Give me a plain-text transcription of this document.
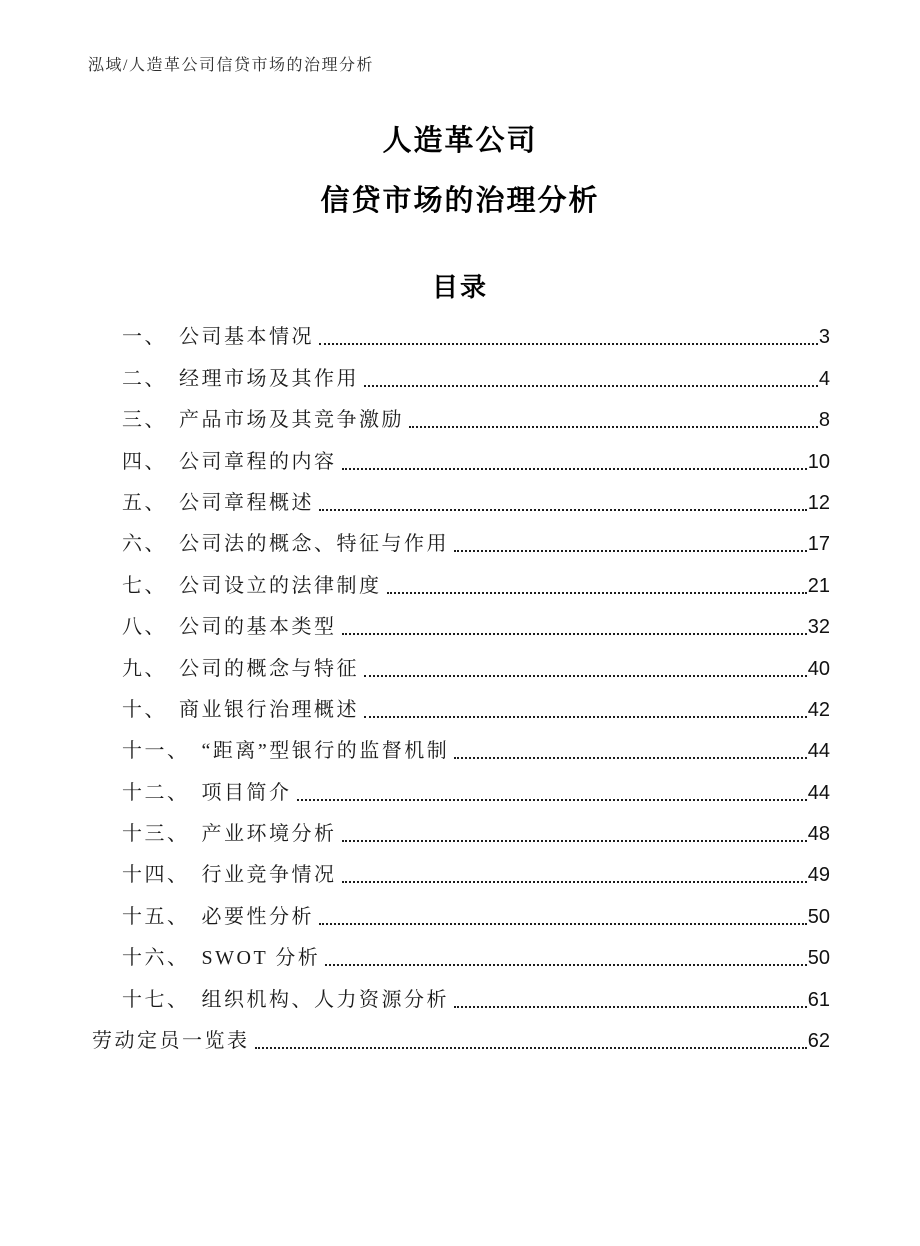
泓域/人造革公司信贷市场的治理分析
人造革公司
信贷市场的治理分析
目录
一、 公司基本情况	3
二、 经理市场及其作用	4
三、 产品市场及其竞争激励	8
四、 公司章程的内容	10
五、 公司章程概述	12
六、 公司法的概念、特征与作用	17
七、 公司设立的法律制度	21
八、 公司的基本类型	32
九、 公司的概念与特征	40
十、 商业银行治理概述	42
十一、 “距离”型银行的监督机制	44
十二、 项目简介	44
十三、 产业环境分析	48
十四、 行业竞争情况	49
十五、 必要性分析	50
十六、 SWOT 分析	50
十七、 组织机构、人力资源分析	61
劳动定员一览表	62
